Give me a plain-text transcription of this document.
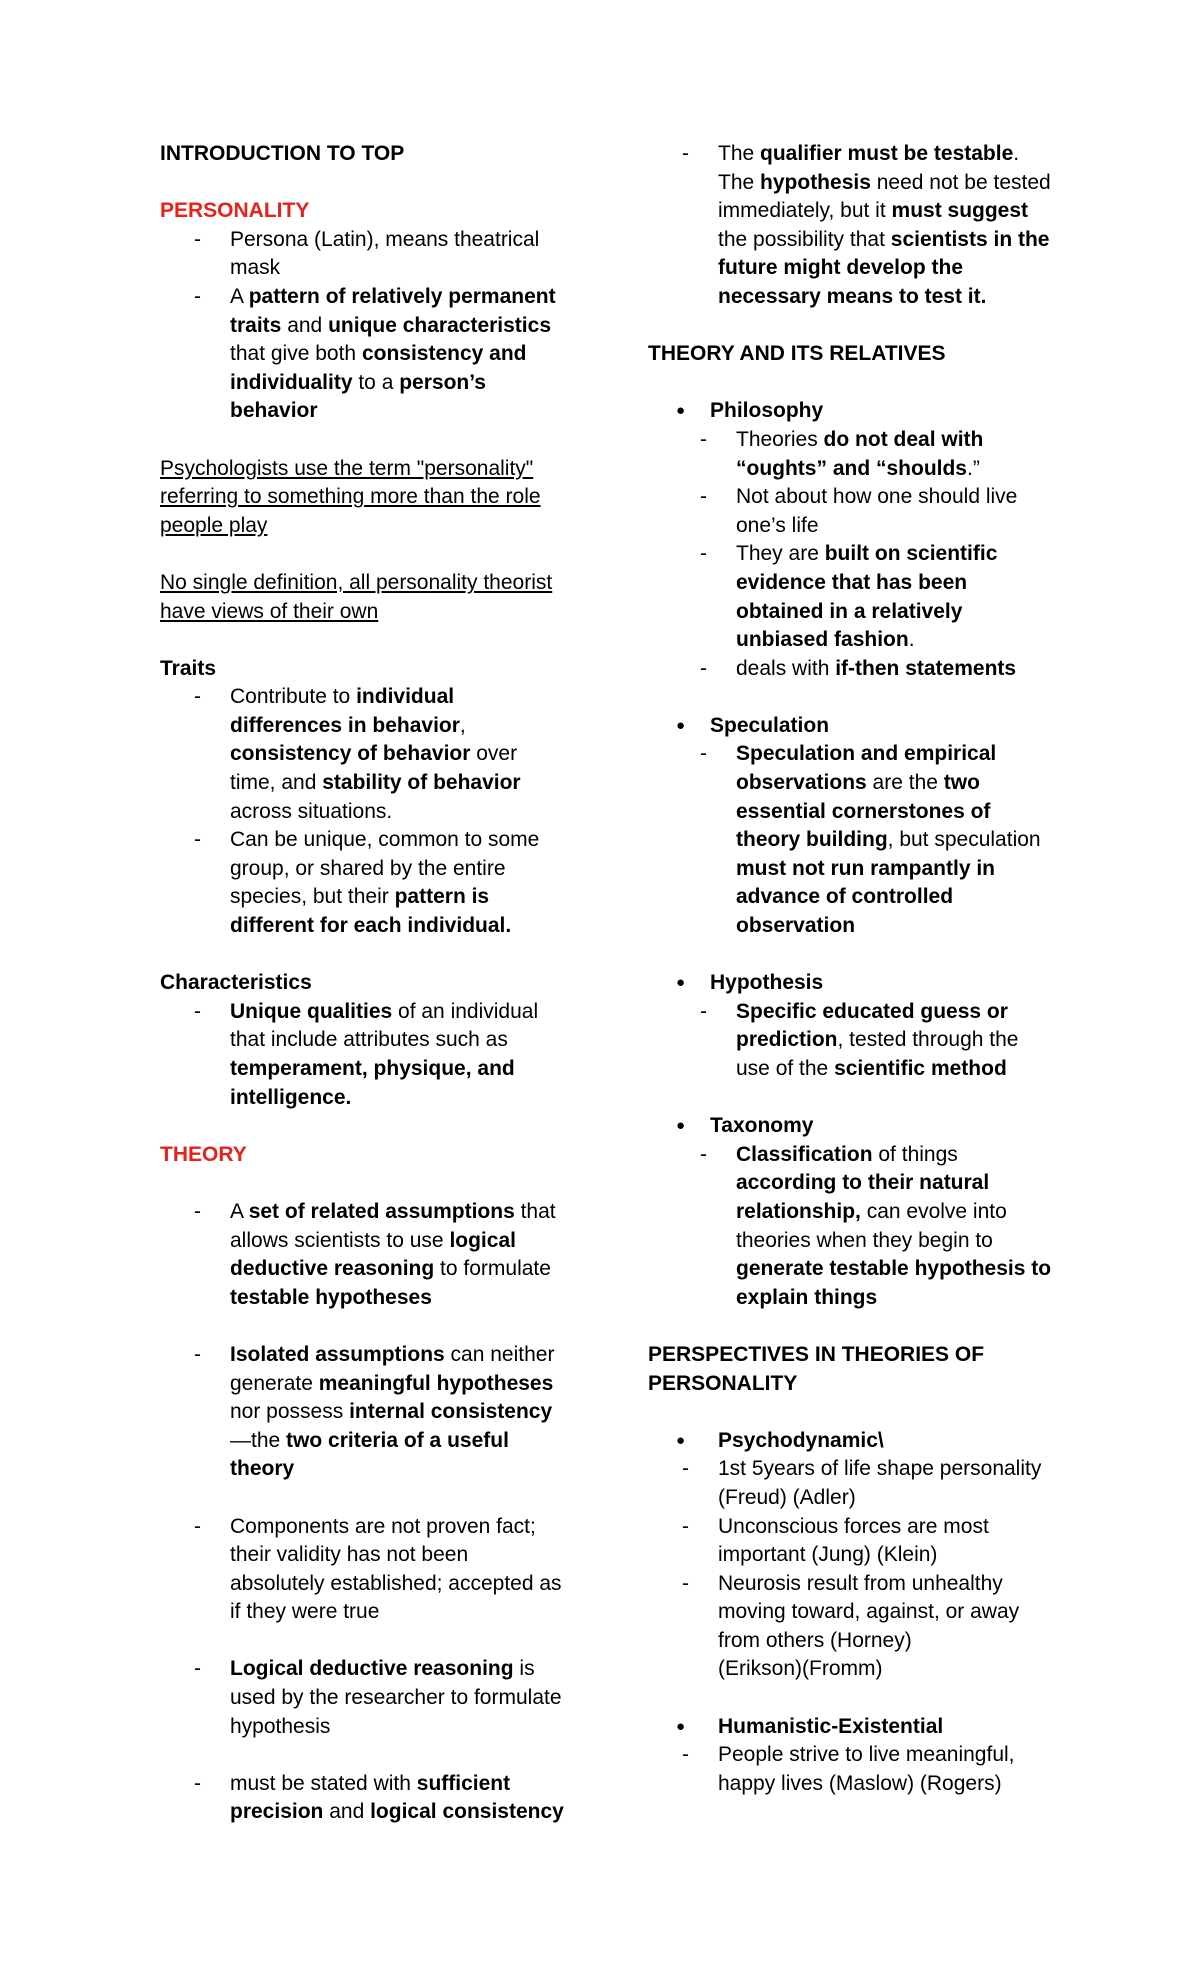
INTRODUCTION TO TOP
PERSONALITY
- Persona (Latin), means theatrical
mask
- A pattern of relatively permanent
traits and unique characteristics
that give both consistency and
individuality to a person’s
behavior
Psychologists use the term "personality"
referring to something more than the role
people play
No single definition, all personality theorist
have views of their own
Traits
- Contribute to individual
differences in behavior,
consistency of behavior over
time, and stability of behavior
across situations.
- Can be unique, common to some
group, or shared by the entire
species, but their pattern is
different for each individual.
Characteristics
- Unique qualities of an individual
that include attributes such as
temperament, physique, and
intelligence.
THEORY
- A set of related assumptions that
allows scientists to use logical
deductive reasoning to formulate
testable hypotheses
- Isolated assumptions can neither
generate meaningful hypotheses
nor possess internal consistency
—the two criteria of a useful
theory
- Components are not proven fact;
their validity has not been
absolutely established; accepted as
if they were true
- Logical deductive reasoning is
used by the researcher to formulate
hypothesis
- must be stated with sufficient
precision and logical consistency
- The qualifier must be testable.
The hypothesis need not be tested
immediately, but it must suggest
the possibility that scientists in the
future might develop the
necessary means to test it.
THEORY AND ITS RELATIVES
● Philosophy
- Theories do not deal with
“oughts” and “shoulds.”
- Not about how one should live
one’s life
- They are built on scientific
evidence that has been
obtained in a relatively
unbiased fashion.
- deals with if-then statements
● Speculation
- Speculation and empirical
observations are the two
essential cornerstones of
theory building, but speculation
must not run rampantly in
advance of controlled
observation
● Hypothesis
- Specific educated guess or
prediction, tested through the
use of the scientific method
● Taxonomy
- Classification of things
according to their natural
relationship, can evolve into
theories when they begin to
generate testable hypothesis to
explain things
PERSPECTIVES IN THEORIES OF
PERSONALITY
● Psychodynamic\
- 1st 5years of life shape personality
(Freud) (Adler)
- Unconscious forces are most
important (Jung) (Klein)
- Neurosis result from unhealthy
moving toward, against, or away
from others (Horney)
(Erikson)(Fromm)
● Humanistic-Existential
- People strive to live meaningful,
happy lives (Maslow) (Rogers)
